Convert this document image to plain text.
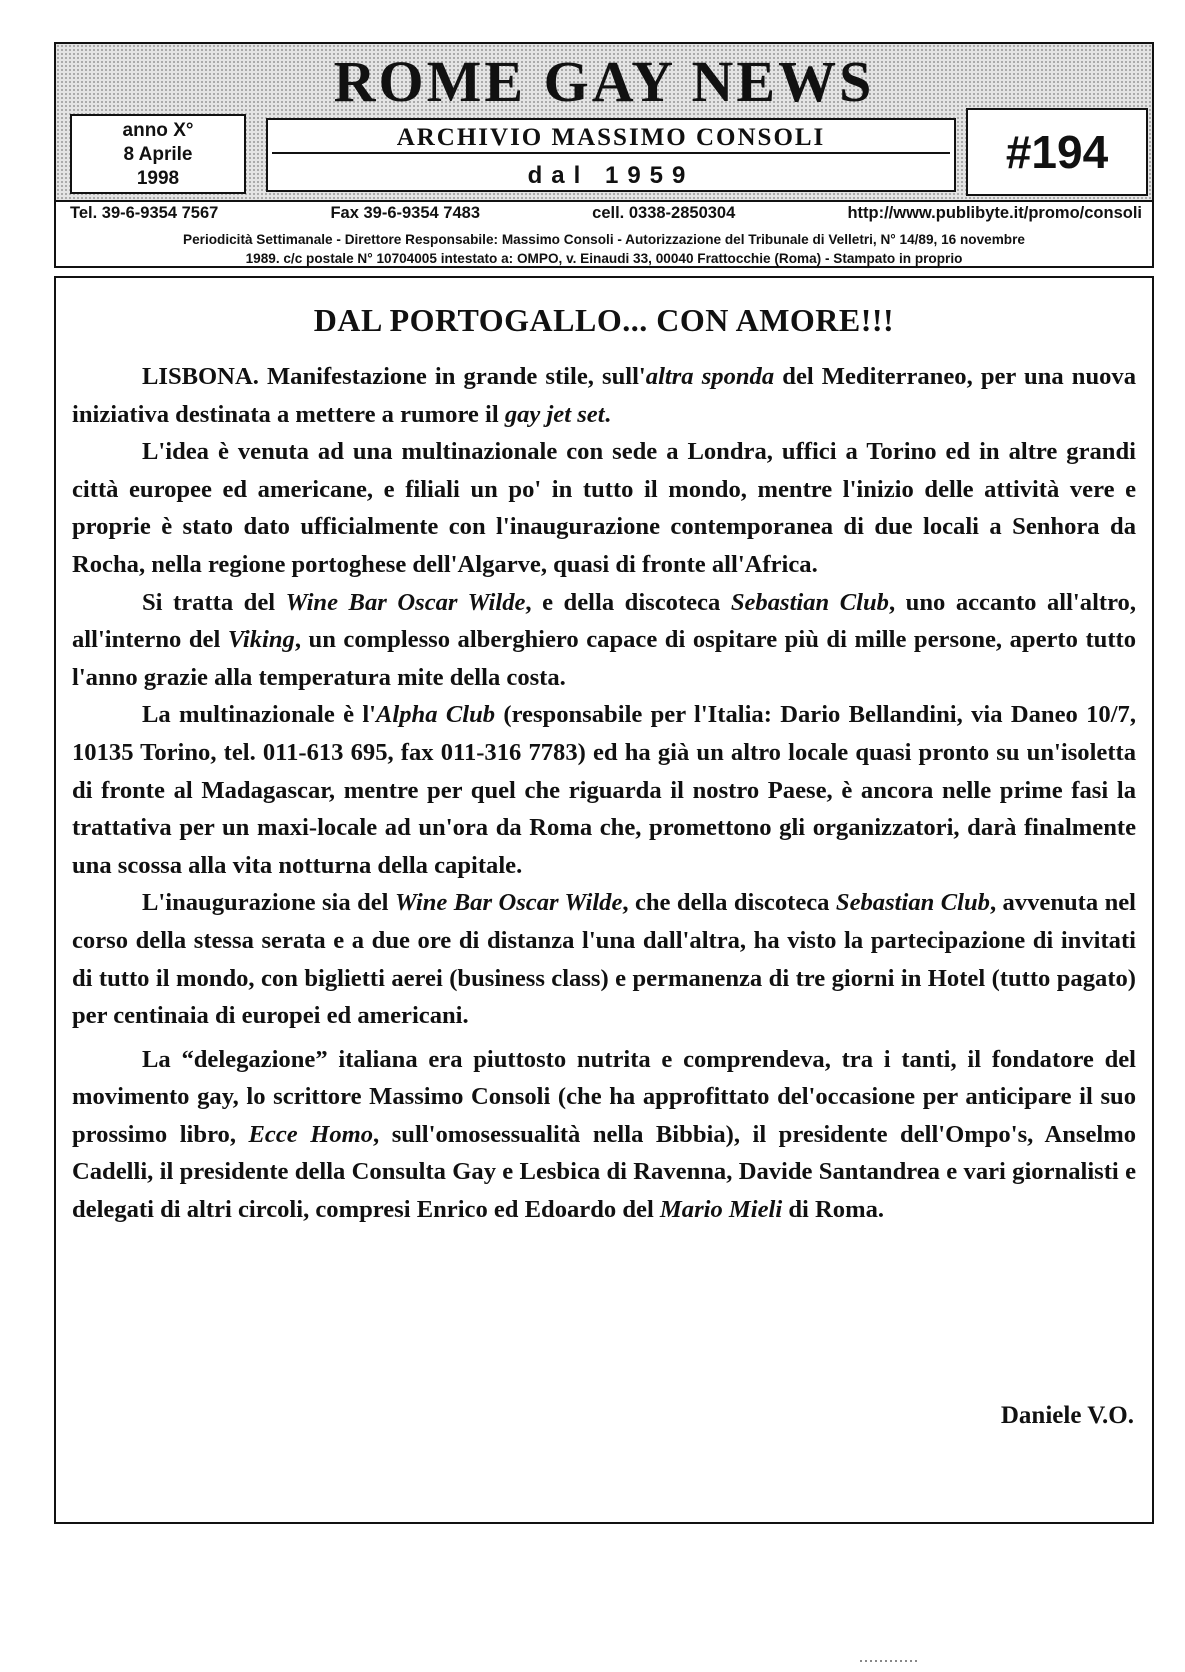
ROME GAY NEWS
anno X°
8 Aprile
1998
ARCHIVIO MASSIMO CONSOLI
dal 1959	#194
Tel. 39-6-9354 7567	Fax 39-6-9354 7483	cell. 0338-2850304	http://www.publibyte.it/promo/consoli
Periodicità Settimanale - Direttore Responsabile: Massimo Consoli - Autorizzazione del Tribunale di Velletri, N° 14/89, 16 novembre
1989. c/c postale N° 10704005 intestato a: OMPO, v. Einaudi 33, 00040 Frattocchie (Roma) - Stampato in proprio
DAL PORTOGALLO... CON AMORE!!!

LISBONA. Manifestazione in grande stile, sull'altra sponda del Mediterraneo, per una nuova iniziativa destinata a mettere a rumore il gay jet set.

L'idea è venuta ad una multinazionale con sede a Londra, uffici a Torino ed in altre grandi città europee ed americane, e filiali un po' in tutto il mondo, mentre l'inizio delle attività vere e proprie è stato dato ufficialmente con l'inaugurazione contemporanea di due locali a Senhora da Rocha, nella regione portoghese dell'Algarve, quasi di fronte all'Africa.

Si tratta del Wine Bar Oscar Wilde, e della discoteca Sebastian Club, uno accanto all'altro, all'interno del Viking, un complesso alberghiero capace di ospitare più di mille persone, aperto tutto l'anno grazie alla temperatura mite della costa.

La multinazionale è l'Alpha Club (responsabile per l'Italia: Dario Bellandini, via Daneo 10/7, 10135 Torino, tel. 011-613 695, fax 011-316 7783) ed ha già un altro locale quasi pronto su un'isoletta di fronte al Madagascar, mentre per quel che riguarda il nostro Paese, è ancora nelle prime fasi la trattativa per un maxi-locale ad un'ora da Roma che, promettono gli organizzatori, darà finalmente una scossa alla vita notturna della capitale.

L'inaugurazione sia del Wine Bar Oscar Wilde, che della discoteca Sebastian Club, avvenuta nel corso della stessa serata e a due ore di distanza l'una dall'altra, ha visto la partecipazione di invitati di tutto il mondo, con biglietti aerei (business class) e permanenza di tre giorni in Hotel (tutto pagato) per centinaia di europei ed americani.

La “delegazione” italiana era piuttosto nutrita e comprendeva, tra i tanti, il fondatore del movimento gay, lo scrittore Massimo Consoli (che ha approfittato del'occasione per anticipare il suo prossimo libro, Ecce Homo, sull'omosessualità nella Bibbia), il presidente dell'Ompo's, Anselmo Cadelli, il presidente della Consulta Gay e Lesbica di Ravenna, Davide Santandrea e vari giornalisti e delegati di altri circoli, compresi Enrico ed Edoardo del Mario Mieli di Roma.

Daniele V.O.
